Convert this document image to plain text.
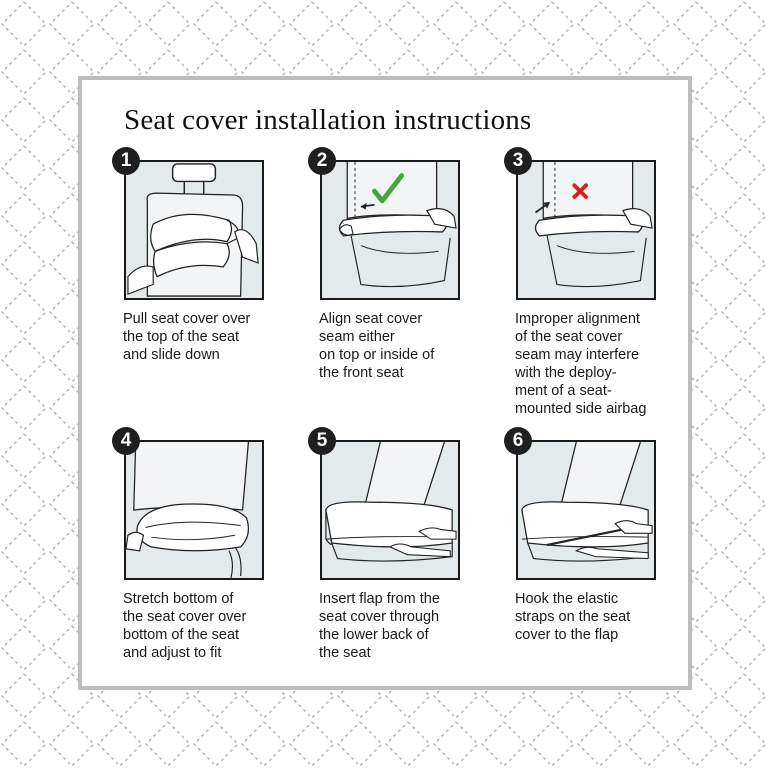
Seat cover installation instructions
1
Pull seat cover over
the top of the seat
and slide down
2
Align seat cover
seam either
on top or inside of
the front seat
3
Improper alignment
of the seat cover
seam may interfere
with the deploy-
ment of a seat-
mounted side airbag
4
Stretch bottom of
the seat cover over
bottom of the seat
and adjust to fit
5
Insert flap from the
seat cover through
the lower back of
the seat
6
Hook the elastic
straps on the seat
cover to the flap
